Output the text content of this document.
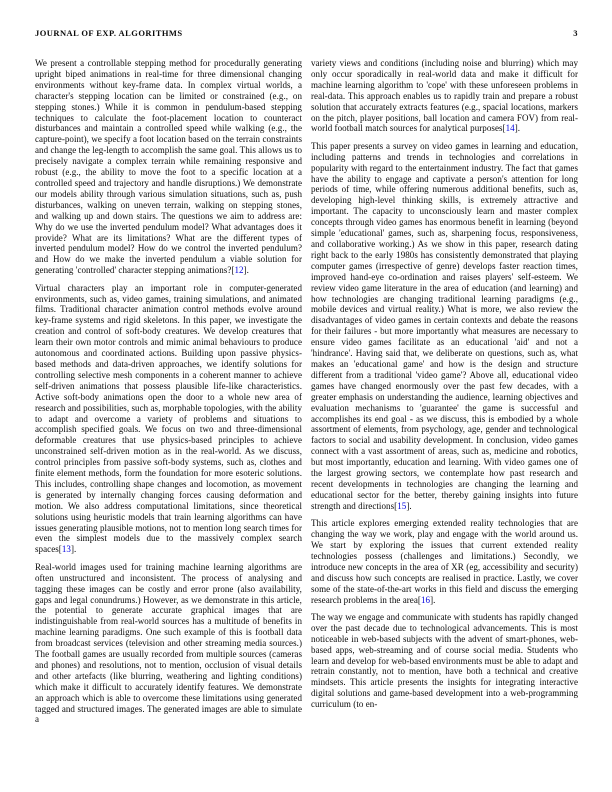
JOURNAL OF EXP. ALGORITHMS	3

We present a controllable stepping method for procedurally generating upright biped animations in real-time for three dimensional changing environments without key-frame data. In complex virtual worlds, a character's stepping location can be limited or constrained (e.g., on stepping stones.) While it is common in pendulum-based stepping techniques to calculate the foot-placement location to counteract disturbances and maintain a controlled speed while walking (e.g., the capture-point), we specify a foot location based on the terrain constraints and change the leg-length to accomplish the same goal. This allows us to precisely navigate a complex terrain while remaining responsive and robust (e.g., the ability to move the foot to a specific location at a controlled speed and trajectory and handle disruptions.) We demonstrate our models ability through various simulation situations, such as, push disturbances, walking on uneven terrain, walking on stepping stones, and walking up and down stairs. The questions we aim to address are: Why do we use the inverted pendulum model? What advantages does it provide? What are its limitations? What are the different types of inverted pendulum model? How do we control the inverted pendulum? and How do we make the inverted pendulum a viable solution for generating 'controlled' character stepping animations?[12].

Virtual characters play an important role in computer-generated environments, such as, video games, training simulations, and animated films. Traditional character animation control methods evolve around key-frame systems and rigid skeletons. In this paper, we investigate the creation and control of soft-body creatures. We develop creatures that learn their own motor controls and mimic animal behaviours to produce autonomous and coordinated actions. Building upon passive physics-based methods and data-driven approaches, we identify solutions for controlling selective mesh components in a coherent manner to achieve self-driven animations that possess plausible life-like characteristics. Active soft-body animations open the door to a whole new area of research and possibilities, such as, morphable topologies, with the ability to adapt and overcome a variety of problems and situations to accomplish specified goals. We focus on two and three-dimensional deformable creatures that use physics-based principles to achieve unconstrained self-driven motion as in the real-world. As we discuss, control principles from passive soft-body systems, such as, clothes and finite element methods, form the foundation for more esoteric solutions. This includes, controlling shape changes and locomotion, as movement is generated by internally changing forces causing deformation and motion. We also address computational limitations, since theoretical solutions using heuristic models that train learning algorithms can have issues generating plausible motions, not to mention long search times for even the simplest models due to the massively complex search spaces[13].

Real-world images used for training machine learning algorithms are often unstructured and inconsistent. The process of analysing and tagging these images can be costly and error prone (also availability, gaps and legal conundrums.) However, as we demonstrate in this article, the potential to generate accurate graphical images that are indistinguishable from real-world sources has a multitude of benefits in machine learning paradigms. One such example of this is football data from broadcast services (television and other streaming media sources.) The football games are usually recorded from multiple sources (cameras and phones) and resolutions, not to mention, occlusion of visual details and other artefacts (like blurring, weathering and lighting conditions) which make it difficult to accurately identify features. We demonstrate an approach which is able to overcome these limitations using generated tagged and structured images. The generated images are able to simulate a

variety views and conditions (including noise and blurring) which may only occur sporadically in real-world data and make it difficult for machine learning algorithm to 'cope' with these unforeseen problems in real-data. This approach enables us to rapidly train and prepare a robust solution that accurately extracts features (e.g., spacial locations, markers on the pitch, player positions, ball location and camera FOV) from real-world football match sources for analytical purposes[14].

This paper presents a survey on video games in learning and education, including patterns and trends in technologies and correlations in popularity with regard to the entertainment industry. The fact that games have the ability to engage and captivate a person's attention for long periods of time, while offering numerous additional benefits, such as, developing high-level thinking skills, is extremely attractive and important. The capacity to unconsciously learn and master complex concepts through video games has enormous benefit in learning (beyond simple 'educational' games, such as, sharpening focus, responsiveness, and collaborative working.) As we show in this paper, research dating right back to the early 1980s has consistently demonstrated that playing computer games (irrespective of genre) develops faster reaction times, improved hand-eye co-ordination and raises players' self-esteem. We review video game literature in the area of education (and learning) and how technologies are changing traditional learning paradigms (e.g., mobile devices and virtual reality.) What is more, we also review the disadvantages of video games in certain contexts and debate the reasons for their failures - but more importantly what measures are necessary to ensure video games facilitate as an educational 'aid' and not a 'hindrance'. Having said that, we deliberate on questions, such as, what makes an 'educational game' and how is the design and structure different from a traditional 'video game'? Above all, educational video games have changed enormously over the past few decades, with a greater emphasis on understanding the audience, learning objectives and evaluation mechanisms to 'guarantee' the game is successful and accomplishes its end goal - as we discuss, this is embodied by a whole assortment of elements, from psychology, age, gender and technological factors to social and usability development. In conclusion, video games connect with a vast assortment of areas, such as, medicine and robotics, but most importantly, education and learning. With video games one of the largest growing sectors, we contemplate how past research and recent developments in technologies are changing the learning and educational sector for the better, thereby gaining insights into future strength and directions[15].

This article explores emerging extended reality technologies that are changing the way we work, play and engage with the world around us. We start by exploring the issues that current extended reality technologies possess (challenges and limitations.) Secondly, we introduce new concepts in the area of XR (eg, accessibility and security) and discuss how such concepts are realised in practice. Lastly, we cover some of the state-of-the-art works in this field and discuss the emerging research problems in the area[16].

The way we engage and communicate with students has rapidly changed over the past decade due to technological advancements. This is most noticeable in web-based subjects with the advent of smart-phones, web-based apps, web-streaming and of course social media. Students who learn and develop for web-based environments must be able to adapt and retrain constantly, not to mention, have both a technical and creative mindsets. This article presents the insights for integrating interactive digital solutions and game-based development into a web-programming curriculum (to en-
